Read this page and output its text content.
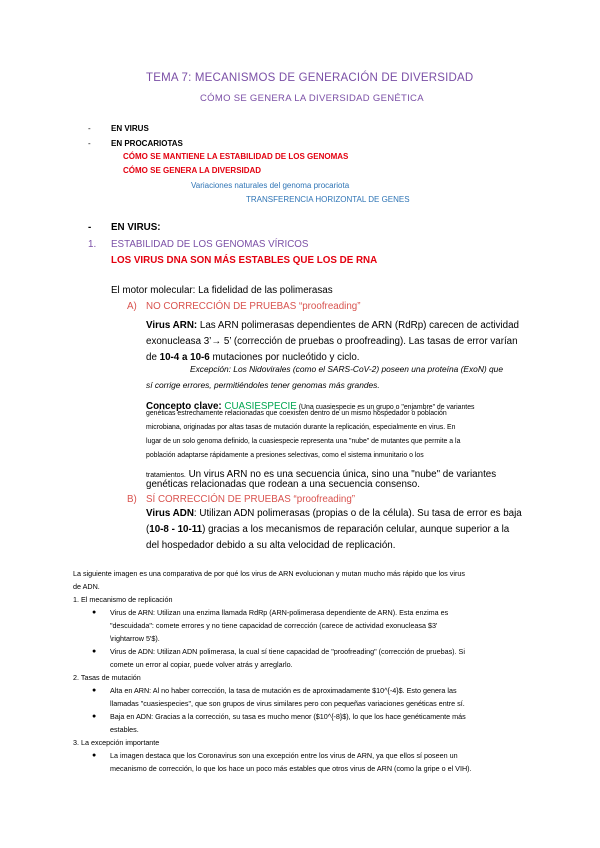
TEMA 7: MECANISMOS DE GENERACIÓN DE DIVERSIDAD
CÓMO SE GENERA LA DIVERSIDAD GENÉTICA
-	EN VIRUS
-	EN PROCARIOTAS
CÓMO SE MANTIENE LA ESTABILIDAD DE LOS GENOMAS
CÓMO SE GENERA LA DIVERSIDAD
Variaciones naturales del genoma procariota
TRANSFERENCIA HORIZONTAL DE GENES
- EN VIRUS:
1. ESTABILIDAD DE LOS GENOMAS VÍRICOS
LOS VIRUS DNA SON MÁS ESTABLES QUE LOS DE RNA
El motor molecular: La fidelidad de las polimerasas
A) NO CORRECCIÓN DE PRUEBAS “proofreading”
Virus ARN: Las ARN polimerasas dependientes de ARN (RdRp) carecen de actividad
exonucleasa 3’→ 5’ (corrección de pruebas o proofreading). Las tasas de error varían
de 10-4 a 10-6 mutaciones por nucleótido y ciclo.
Excepción: Los Nidovirales (como el SARS-CoV-2) poseen una proteína (ExoN) que
sí corrige errores, permitiéndoles tener genomas más grandes.
Concepto clave: CUASIESPECIE (Una cuasiespecie es un grupo o "enjambre" de variantes
genéticas estrechamente relacionadas que coexisten dentro de un mismo hospedador o población
microbiana, originadas por altas tasas de mutación durante la replicación, especialmente en virus. En
lugar de un solo genoma definido, la cuasiespecie representa una "nube" de mutantes que permite a la
población adaptarse rápidamente a presiones selectivas, como el sistema inmunitario o los
tratamientos. Un virus ARN no es una secuencia única, sino una "nube" de variantes
genéticas relacionadas que rodean a una secuencia consenso.
B) SÍ CORRECCIÓN DE PRUEBAS “proofreading”
Virus ADN: Utilizan ADN polimerasas (propias o de la célula). Su tasa de error es baja
(10-8 - 10-11) gracias a los mecanismos de reparación celular, aunque superior a la
del hospedador debido a su alta velocidad de replicación.
La siguiente imagen es una comparativa de por qué los virus de ARN evolucionan y mutan mucho más rápido que los virus
de ADN.
1. El mecanismo de replicación
● Virus de ARN: Utilizan una enzima llamada RdRp (ARN-polimerasa dependiente de ARN). Esta enzima es
"descuidada": comete errores y no tiene capacidad de corrección (carece de actividad exonucleasa $3'
\rightarrow 5'$).
● Virus de ADN: Utilizan ADN polimerasa, la cual sí tiene capacidad de "proofreading" (corrección de pruebas). Si
comete un error al copiar, puede volver atrás y arreglarlo.
2. Tasas de mutación
● Alta en ARN: Al no haber corrección, la tasa de mutación es de aproximadamente $10^{-4}$. Esto genera las
llamadas "cuasiespecies", que son grupos de virus similares pero con pequeñas variaciones genéticas entre sí.
● Baja en ADN: Gracias a la corrección, su tasa es mucho menor ($10^{-8}$), lo que los hace genéticamente más
estables.
3. La excepción importante
● La imagen destaca que los Coronavirus son una excepción entre los virus de ARN, ya que ellos sí poseen un
mecanismo de corrección, lo que los hace un poco más estables que otros virus de ARN (como la gripe o el VIH).
